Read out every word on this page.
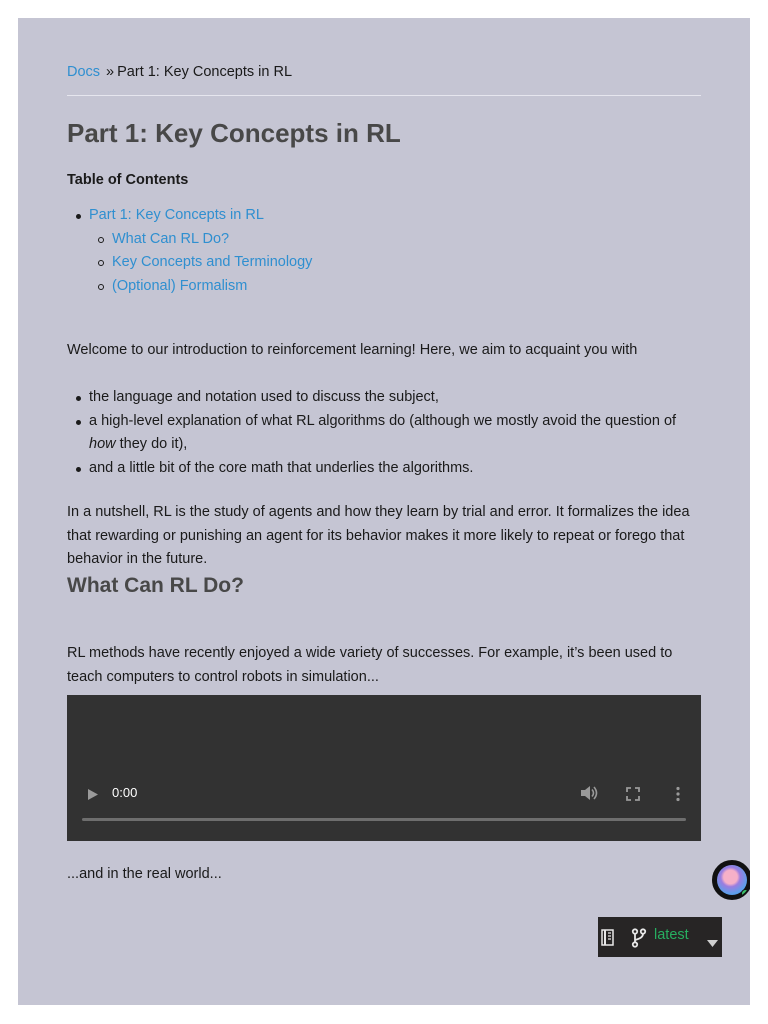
Docs » Part 1: Key Concepts in RL
Part 1: Key Concepts in RL
Table of Contents
Part 1: Key Concepts in RL
What Can RL Do?
Key Concepts and Terminology
(Optional) Formalism

Welcome to our introduction to reinforcement learning! Here, we aim to acquaint you with

the language and notation used to discuss the subject,
a high-level explanation of what RL algorithms do (although we mostly avoid the question of how they do it),
and a little bit of the core math that underlies the algorithms.

In a nutshell, RL is the study of agents and how they learn by trial and error. It formalizes the idea that rewarding or punishing an agent for its behavior makes it more likely to repeat or forego that behavior in the future.

What Can RL Do?

RL methods have recently enjoyed a wide variety of successes. For example, it’s been used to teach computers to control robots in simulation...

0:00

...and in the real world...

latest
